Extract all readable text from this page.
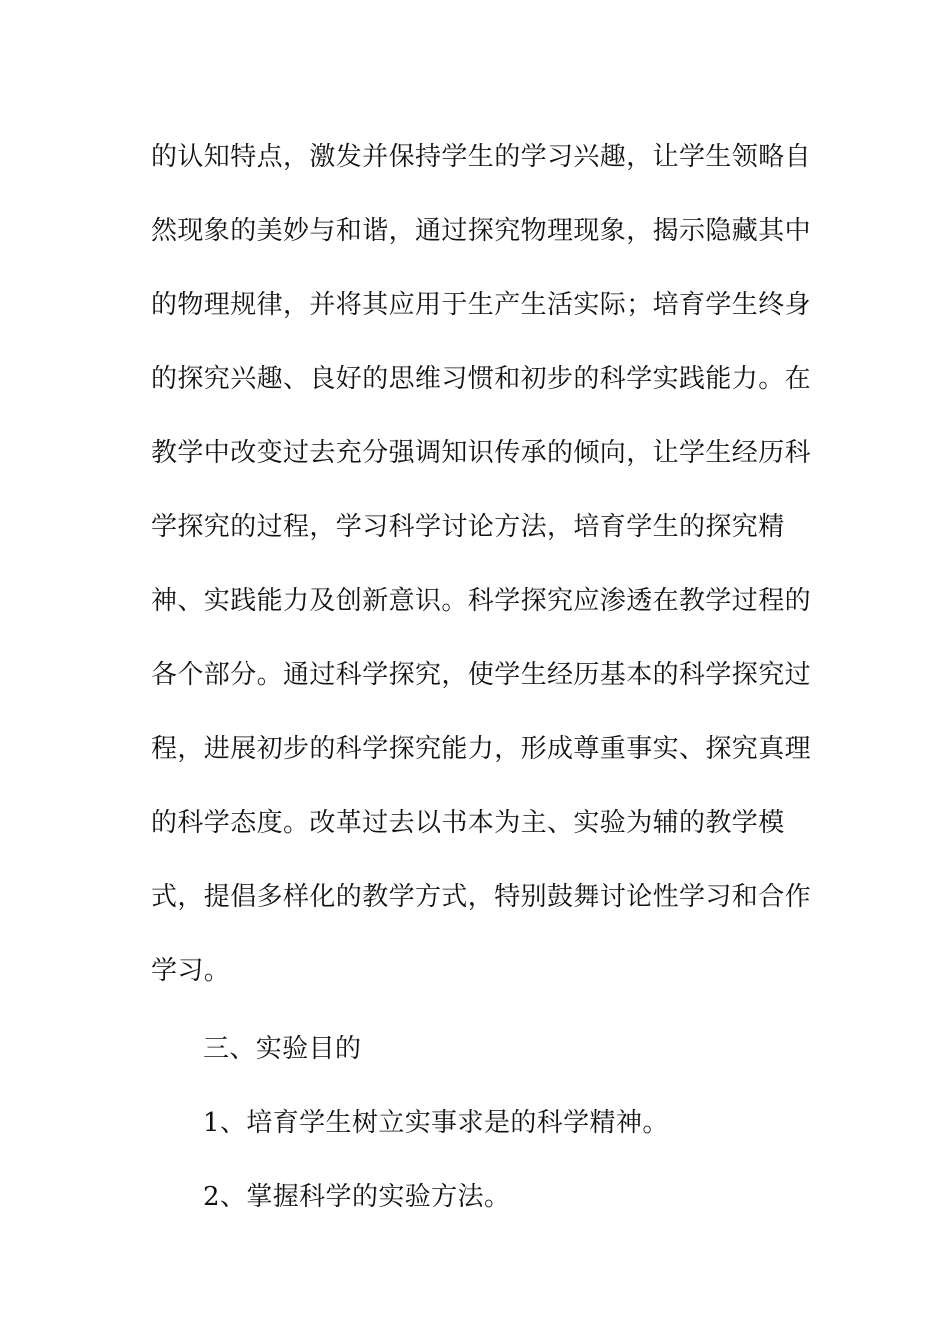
的认知特点，激发并保持学生的学习兴趣，让学生领略自
然现象的美妙与和谐，通过探究物理现象，揭示隐藏其中
的物理规律，并将其应用于生产生活实际；培育学生终身
的探究兴趣、良好的思维习惯和初步的科学实践能力。在
教学中改变过去充分强调知识传承的倾向，让学生经历科
学探究的过程，学习科学讨论方法，培育学生的探究精
神、实践能力及创新意识。科学探究应渗透在教学过程的
各个部分。通过科学探究，使学生经历基本的科学探究过
程，进展初步的科学探究能力，形成尊重事实、探究真理
的科学态度。改革过去以书本为主、实验为辅的教学模
式，提倡多样化的教学方式，特别鼓舞讨论性学习和合作
学习。
三、实验目的
1、培育学生树立实事求是的科学精神。
2、掌握科学的实验方法。
